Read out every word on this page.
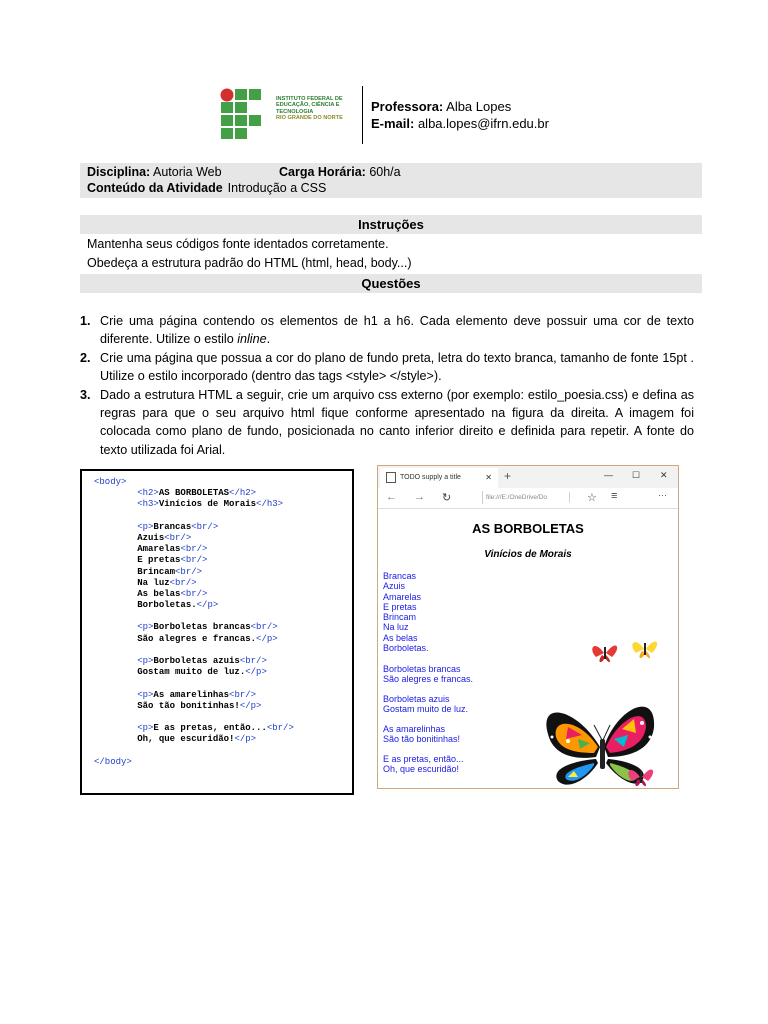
INSTITUTO FEDERAL DE
EDUCAÇÃO, CIÊNCIA E TECNOLOGIA
RIO GRANDE DO NORTE
Professora: Alba Lopes
E-mail: alba.lopes@ifrn.edu.br
Disciplina: Autoria Web	Carga Horária: 60h/a
Conteúdo da Atividade Introdução a CSS
Instruções
Mantenha seus códigos fonte identados corretamente.
Obedeça a estrutura padrão do HTML (html, head, body...)
Questões
1. Crie uma página contendo os elementos de h1 a h6. Cada elemento deve possuir uma cor de texto diferente. Utilize o estilo inline.
2. Crie uma página que possua a cor do plano de fundo preta, letra do texto branca, tamanho de fonte 15pt . Utilize o estilo incorporado (dentro das tags <style> </style>).
3. Dado a estrutura HTML a seguir, crie um arquivo css externo (por exemplo: estilo_poesia.css) e defina as regras para que o seu arquivo html fique conforme apresentado na figura da direita. A imagem foi colocada como plano de fundo, posicionada no canto inferior direito e definida para repetir. A fonte do texto utilizada foi Arial.
<body>
<h2>AS BORBOLETAS</h2>
<h3>Vinícios de Morais</h3>
<p>Brancas<br/>
Azuis<br/>
Amarelas<br/>
E pretas<br/>
Brincam<br/>
Na luz<br/>
As belas<br/>
Borboletas.</p>
<p>Borboletas brancas<br/>
São alegres e francas.</p>
<p>Borboletas azuis<br/>
Gostam muito de luz.</p>
<p>As amarelinhas<br/>
São tão bonitinhas!</p>
<p>E as pretas, então...<br/>
Oh, que escuridão!</p>
</body>
TODO supply a title	✕ +	— ☐ ✕
← → ↻	file:///E:/OneDrive/Do	| ☆ ≡	···
AS BORBOLETAS
Vinícios de Morais
Brancas
Azuis
Amarelas
E pretas
Brincam
Na luz
As belas
Borboletas.
Borboletas brancas
São alegres e francas.
Borboletas azuis
Gostam muito de luz.
As amarelinhas
São tão bonitinhas!
E as pretas, então...
Oh, que escuridão!
